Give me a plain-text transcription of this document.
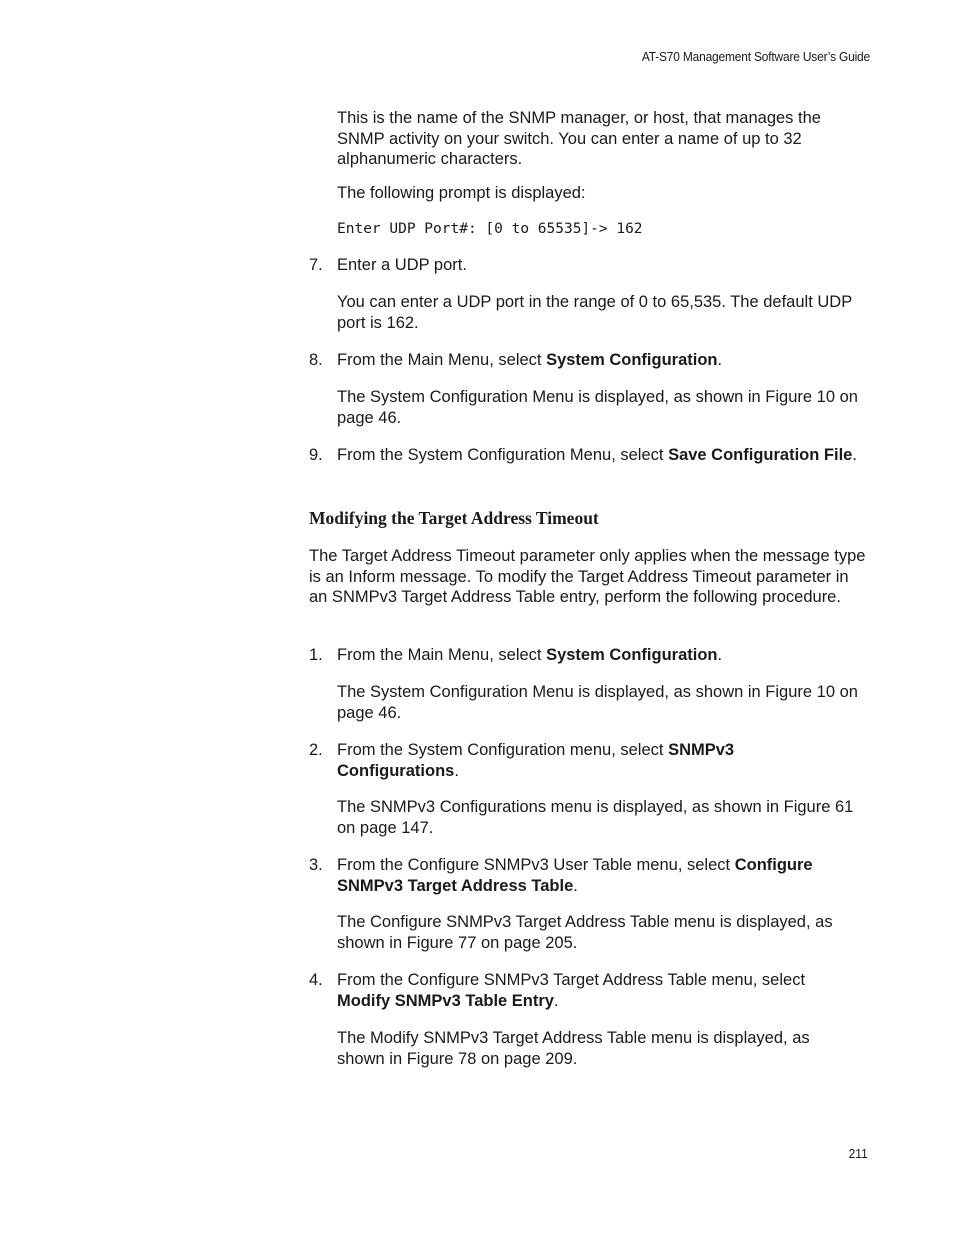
AT-S70 Management Software User’s Guide

This is the name of the SNMP manager, or host, that manages the SNMP activity on your switch. You can enter a name of up to 32 alphanumeric characters.

The following prompt is displayed:

Enter UDP Port#: [0 to 65535]-> 162
7. Enter a UDP port.

You can enter a UDP port in the range of 0 to 65,535. The default UDP port is 162.

8. From the Main Menu, select System Configuration.

The System Configuration Menu is displayed, as shown in Figure 10 on page 46.

9. From the System Configuration Menu, select Save Configuration File.

Modifying the Target Address Timeout

The Target Address Timeout parameter only applies when the message type is an Inform message. To modify the Target Address Timeout parameter in an SNMPv3 Target Address Table entry, perform the following procedure.

1. From the Main Menu, select System Configuration.

The System Configuration Menu is displayed, as shown in Figure 10 on page 46.

2. From the System Configuration menu, select SNMPv3 Configurations.

The SNMPv3 Configurations menu is displayed, as shown in Figure 61 on page 147.

3. From the Configure SNMPv3 User Table menu, select Configure SNMPv3 Target Address Table.

The Configure SNMPv3 Target Address Table menu is displayed, as shown in Figure 77 on page 205.

4. From the Configure SNMPv3 Target Address Table menu, select Modify SNMPv3 Table Entry.

The Modify SNMPv3 Target Address Table menu is displayed, as shown in Figure 78 on page 209.

211
